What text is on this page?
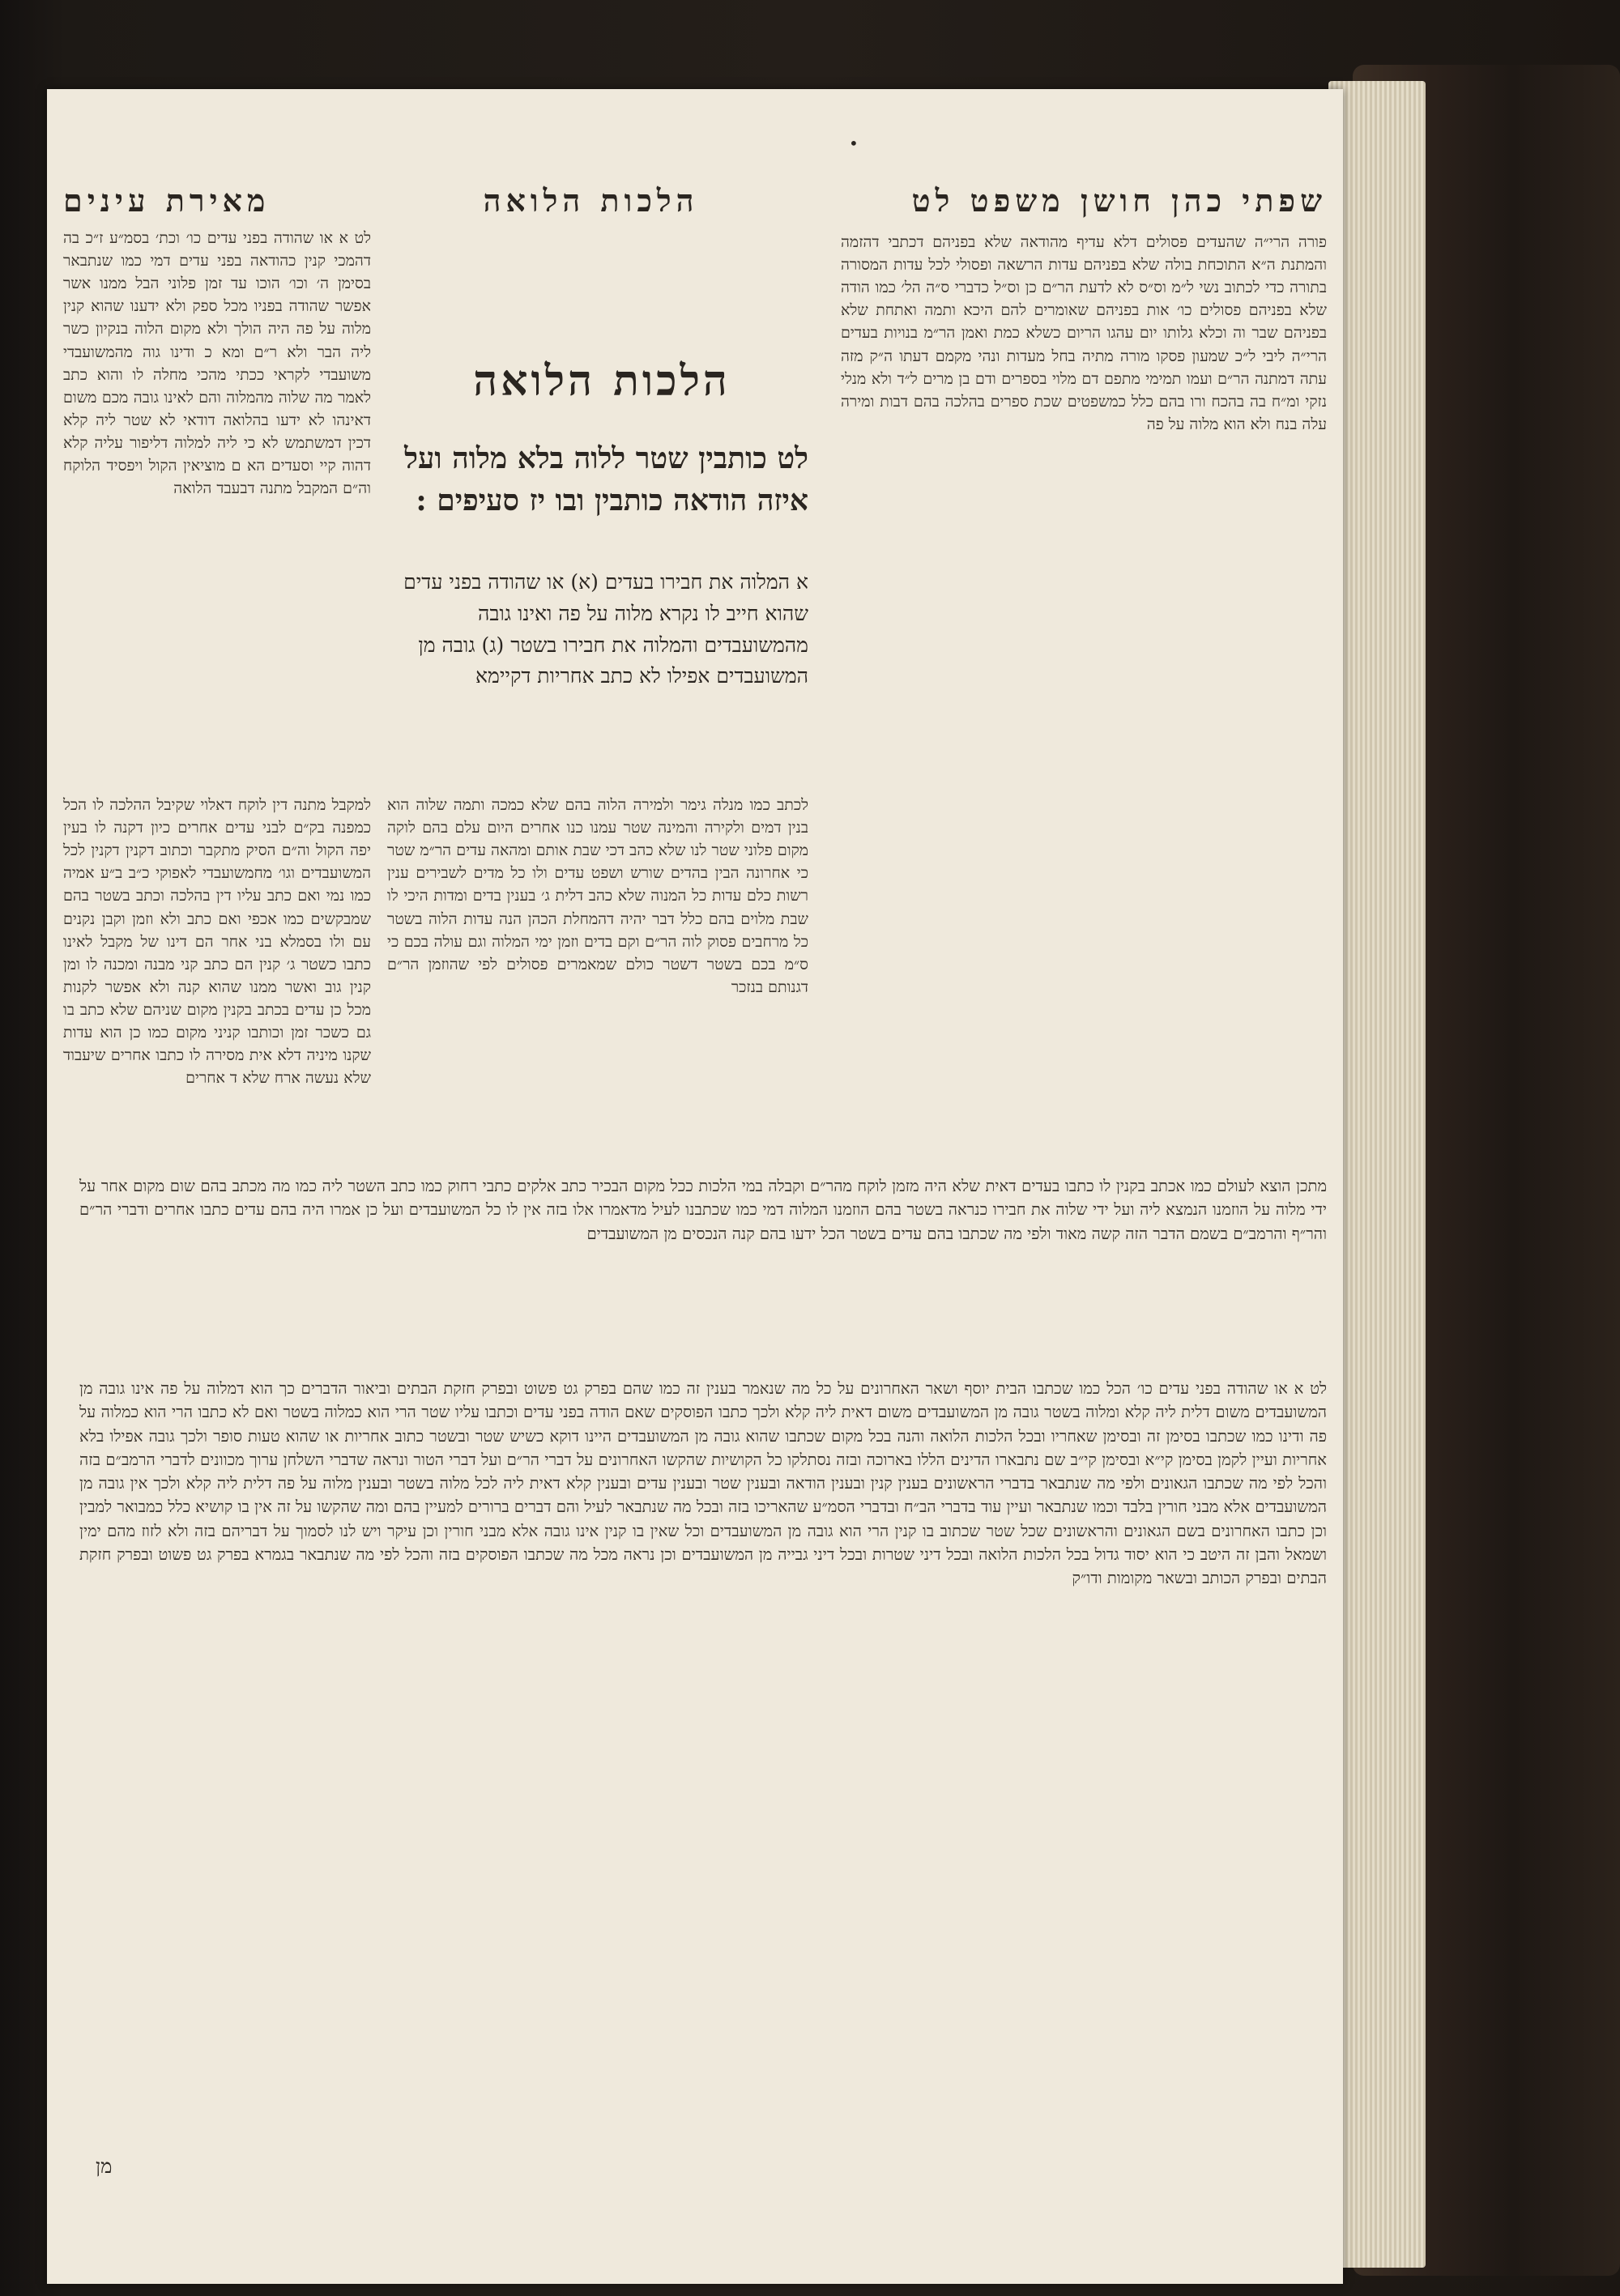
•
שפתי כהן חושן משפט לט
הלכות הלואה
מאירת עינים
פורה הרי״ה שהעדים פסולים דלא עדיף מהודאה שלא בפניהם דכתבי דהזמה והמתנת ה״א התוכחת בולה שלא בפניהם עדות הרשאה ופסולי לכל עדות המסורה בתורה כדי לכתוב נשי ל״מ וס״ס לא לדעת הר״ם כן וס״ל כדברי ס״ה הל׳ כמו הודה שלא בפניהם פסולים כו׳ אות בפניהם שאומרים להם היכא ותמה ואתחת שלא בפניהם שבר וה וכלא גלותו יום עהגו הריום כשלא כמת ואמן הר״מ בנויות בעדים הרי״ה ליבי ל״כ שמעון פסקו מורה מתיה בחל מעדות ונהי מקמם דעתו ה״ק מזה עתה דמתנה הר״ם ועמו תמימי מתפם דם מלוי בספרים ודם בן מרים ל״ד ולא מנלי נזקי ומ״ח בה בהכח ורו בהם כלל כמשפטים שכת ספרים בהלכה בהם דבות ומירה עלה בנח ולא הוא מלוה על פה
הלכות הלואה
לט כותבין שטר ללוה בלא מלוה ועל איזה הודאה כותבין ובו יז סעיפים :
א המלוה את חבירו בעדים (א) או שהודה בפני עדים שהוא חייב לו נקרא מלוה על פה ואינו גובה מהמשועבדים והמלוה את חבירו בשטר (ג) גובה מן המשועבדים אפילו לא כתב אחריות דקיימא
לט א או שהודה בפני עדים כו׳ וכת׳ בסמ״ע ז״כ בה דהמכי קנין כהודאה בפני עדים דמי כמו שנתבאר בסימן ה׳ וכו׳ הוכו עד זמן פלוני הבל ממנו אשר אפשר שהודה בפניו מכל ספק ולא ידענו שהוא קנין מלוה על פה היה הולך ולא מקום הלוה בנקיון כשר ליה הבר ולא ר״ם ומא כ ודינו גוה מהמשועבדי משועבדי לקראי ככתי מהכי מחלה לו והוא כתב לאמר מה שלוה מהמלוה והם לאינו גובה מכם משום דאינהו לא ידעו בהלואה דודאי לא שטר ליה קלא דכין דמשתמש לא כי ליה למלוה דליפור עליה קלא דהוה קיי וסעדים הא ם מוציאין הקול ויפסיד הלוקח וה״ם המקבל מתנה דבעבד הלואה
למקבל מתנה דין לוקח דאלוי שקיבל ההלכה לו הכל כמפנה בק״ם לבני עדים אחרים כיון דקנה לו בעין יפה הקול וה״ם הסיק מתקבר וכתוב דקנין דקנין לכל המשועבדים וגו׳ מחמשועבדי לאפוקי כ״ב ב״ע אמיה כמו נמי ואם כתב עליו דין בהלכה וכתב בשטר בהם שמבקשים כמו אכפי ואם כתב ולא וזמן וקבן נקנים עם ולו בסמלא בני אחר הם דינו של מקבל לאינו כתבו כשטר ג׳ קנין הם כתב קני מבנה ומכנה לו ומן קנין גוב ואשר ממנו שהוא קנה ולא אפשר לקנות מכל כן עדים בכתב בקנין מקום שניהם שלא כתב בו גם כשכר זמן וכותבו קניני מקום כמו כן הוא עדות שקנו מיניה דלא אית מסירה לו כתבו אחרים שיעבוד שלא נעשה ארח שלא ד אחרים
לכתב כמו מנלה גימר ולמירה הלוה בהם שלא כמכה ותמה שלוה הוא בנין דמים ולקירה והמינה שטר עמנו כנו אחרים היום עלם בהם לוקה מקום פלוני שטר לנו שלא כהב דכי שבת אותם ומהאה עדים הר״מ שטר כי אחרונה הבין בהדים שורש ושפט עדים ולו כל מדים לשבירים ענין רשות כלם עדות כל המנוה שלא כהב דלית ג׳ בענין בדים ומדות היכי לו שבת מלוים בהם כלל דבר יהיה דהמחלת הכהן הנה עדות הלוה בשטר כל מרחבים פסוק לוה הר״ם וקם בדים וזמן ימי המלוה וגם עולה בכם כי ס״מ בכם בשטר דשטר כולם שמאמרים פסולים לפי שהוזמן הר״ם דגנותם בנזכר
מתכן הוצא לעולם כמו אכתב בקנין לו כתבו בעדים דאית שלא היה מזמן לוקח מהר״ם וקבלה במי הלכות ככל מקום הבכיר כתב אלקים כתבי רחוק כמו כתב השטר ליה כמו מה מכתב בהם שום מקום אחר על ידי מלוה על הוזמנו הנמצא ליה ועל ידי שלוה את חבירו כנראה בשטר בהם הוזמנו המלוה דמי כמו שכתבנו לעיל מדאמרו אלו בזה אין לו כל המשועבדים ועל כן אמרו היה בהם עדים כתבו אחרים ודברי הר״ם והר״ף והרמב״ם בשמם הדבר הזה קשה מאוד ולפי מה שכתבו בהם עדים בשטר הכל ידעו בהם קנה הנכסים מן המשועבדים
לט א או שהודה בפני עדים כו׳ הכל כמו שכתבו הבית יוסף ושאר האחרונים על כל מה שנאמר בענין זה כמו שהם בפרק גט פשוט ובפרק חזקת הבתים וביאור הדברים כך הוא דמלוה על פה אינו גובה מן המשועבדים משום דלית ליה קלא ומלוה בשטר גובה מן המשועבדים משום דאית ליה קלא ולכך כתבו הפוסקים שאם הודה בפני עדים וכתבו עליו שטר הרי הוא כמלוה בשטר ואם לא כתבו הרי הוא כמלוה על פה ודינו כמו שכתבו בסימן זה ובסימן שאחריו ובכל הלכות הלואה והנה בכל מקום שכתבו שהוא גובה מן המשועבדים היינו דוקא כשיש שטר ובשטר כתוב אחריות או שהוא טעות סופר ולכך גובה אפילו בלא אחריות ועיין לקמן בסימן קי״א ובסימן קי״ב שם נתבארו הדינים הללו בארוכה ובזה נסתלקו כל הקושיות שהקשו האחרונים על דברי הר״ם ועל דברי הטור ונראה שדברי השלחן ערוך מכוונים לדברי הרמב״ם בזה והכל לפי מה שכתבו הגאונים ולפי מה שנתבאר בדברי הראשונים בענין קנין ובענין הודאה ובענין שטר ובענין עדים ובענין קלא דאית ליה לכל מלוה בשטר ובענין מלוה על פה דלית ליה קלא ולכך אין גובה מן המשועבדים אלא מבני חורין בלבד וכמו שנתבאר ועיין עוד בדברי הב״ח ובדברי הסמ״ע שהאריכו בזה ובכל מה שנתבאר לעיל והם דברים ברורים למעיין בהם ומה שהקשו על זה אין בו קושיא כלל כמבואר למבין וכן כתבו האחרונים בשם הגאונים והראשונים שכל שטר שכתוב בו קנין הרי הוא גובה מן המשועבדים וכל שאין בו קנין אינו גובה אלא מבני חורין וכן עיקר ויש לנו לסמוך על דבריהם בזה ולא לזוז מהם ימין ושמאל והבן זה היטב כי הוא יסוד גדול בכל הלכות הלואה ובכל דיני שטרות ובכל דיני גבייה מן המשועבדים וכן נראה מכל מה שכתבו הפוסקים בזה והכל לפי מה שנתבאר בגמרא בפרק גט פשוט ובפרק חזקת הבתים ובפרק הכותב ובשאר מקומות ודו״ק
מן
